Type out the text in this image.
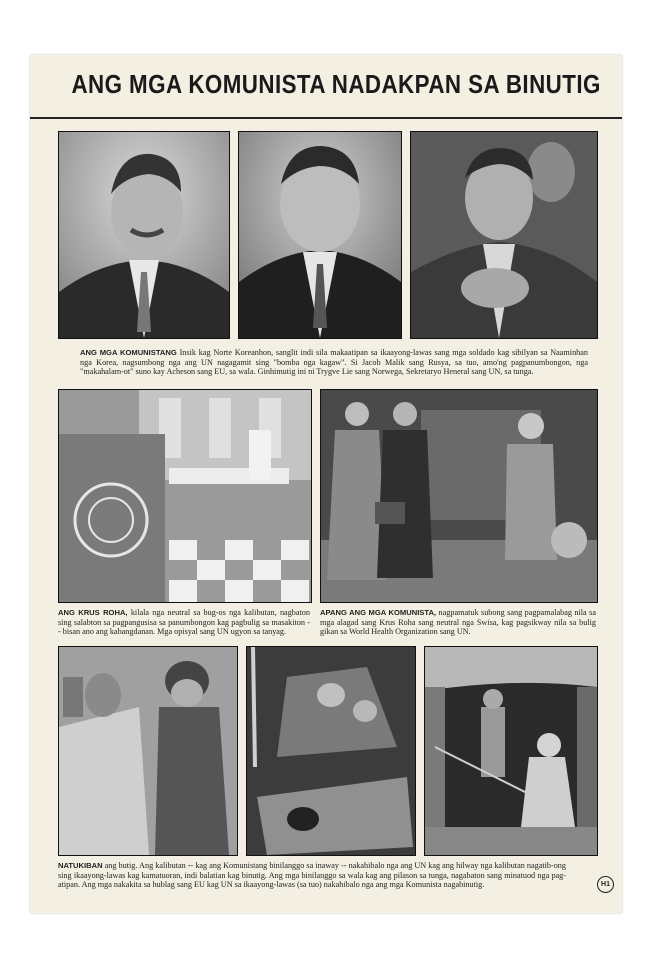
ANG MGA KOMUNISTA NADAKPAN SA BINUTIG
ANG MGA KOMUNISTANG Insik kag Norte Koreanhon, sanglit indi sila makaatipan sa ikaayong-lawas sang mga soldado kag sibilyan sa Naaminhan nga Korea, nagsumbong nga ang UN nagagamit sing "bomba nga kagaw". Si Jacob Malik sang Rusya, sa tuo, amo'ng pagpanumbongon, nga "makahalam-ot" suno kay Acheson sang EU, sa wala. Ginhimutig ini ni Trygve Lie sang Norwega, Sekretaryo Heneral sang UN, sa tunga.
ANG KRUS ROHA, kilala nga neutral sa bug-os nga kalibutan, nagbaton sing salabton sa pagpangusisa sa panumbongon kag pagbulig sa masakiton -- bisan ano ang kabangdanan. Mga opisyal sang UN ugyon sa tanyag.
APANG ANG MGA KOMUNISTA, nagpamatuk subong sang pagpamalabag nila sa mga alagad sang Krus Roha sang neutral nga Swisa, kag pagsikway nila sa bulig gikan sa World Health Organization sang UN.
NATUKIBAN ang butig. Ang kalibutan -- kag ang Komunistang binilanggo sa inaway -- nakahibalo nga ang UN kag ang hilway nga kalibutan nagatib-ong sing ikaayong-lawas kag kamatuoran, indi balatian kag binutig. Ang mga binilanggo sa wala kag ang pilason sa tunga, nagabaton sang minatuod nga pag-atipan. Ang mga nakakita sa hublag sang EU kag UN sa ikaayong-lawas (sa tuo) nakahibalo nga ang mga Komunista nagabinutig.	H1
